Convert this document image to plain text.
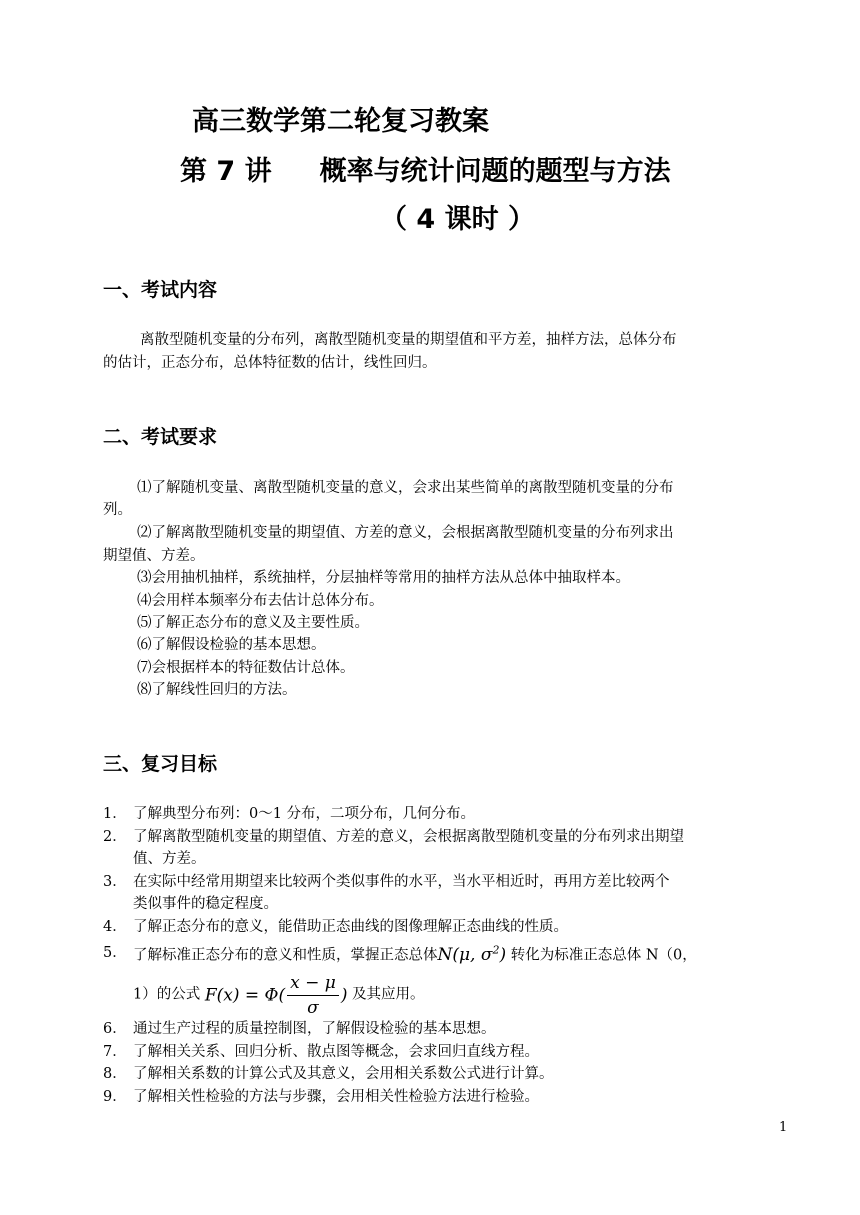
高三数学第二轮复习教案
第 7 讲 概率与统计问题的题型与方法
（ 4 课时 ）
一、考试内容
离散型随机变量的分布列，离散型随机变量的期望值和平方差，抽样方法，总体分布
的估计，正态分布，总体特征数的估计，线性回归。
二、考试要求
⑴了解随机变量、离散型随机变量的意义，会求出某些简单的离散型随机变量的分布
列。
⑵了解离散型随机变量的期望值、方差的意义，会根据离散型随机变量的分布列求出
期望值、方差。
⑶会用抽机抽样，系统抽样，分层抽样等常用的抽样方法从总体中抽取样本。
⑷会用样本频率分布去估计总体分布。
⑸了解正态分布的意义及主要性质。
⑹了解假设检验的基本思想。
⑺会根据样本的特征数估计总体。
⑻了解线性回归的方法。
三、复习目标
1． 了解典型分布列：0～1 分布，二项分布，几何分布。
2． 了解离散型随机变量的期望值、方差的意义，会根据离散型随机变量的分布列求出期望
值、方差。
3． 在实际中经常用期望来比较两个类似事件的水平，当水平相近时，再用方差比较两个
类似事件的稳定程度。
4． 了解正态分布的意义，能借助正态曲线的图像理解正态曲线的性质。
5． 了解标准正态分布的意义和性质，掌握正态总体N(μ, $\sigma^2$) 转化为标准正态总体 N（0，
1）的公式 $F(x) = \Phi( \frac{x - \mu}{\sigma}$ ) 及其应用。
6． 通过生产过程的质量控制图，了解假设检验的基本思想。
7． 了解相关关系、回归分析、散点图等概念，会求回归直线方程。
8． 了解相关系数的计算公式及其意义，会用相关系数公式进行计算。
9． 了解相关性检验的方法与步骤，会用相关性检验方法进行检验。
1
